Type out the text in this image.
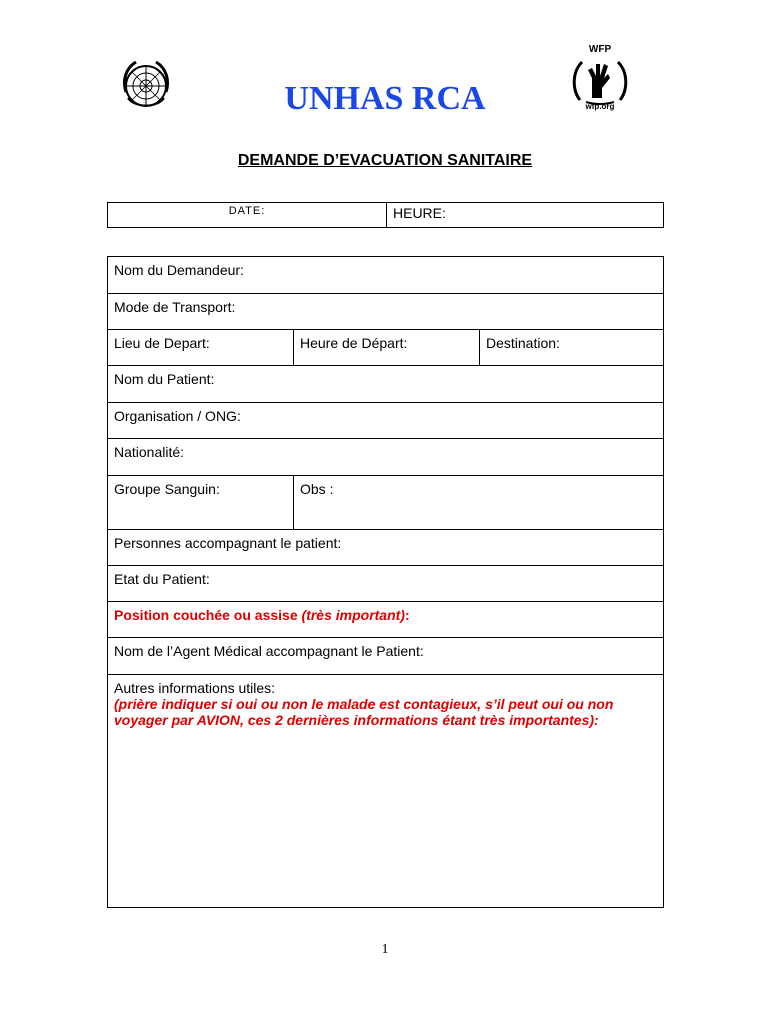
WFP
wfp.org
UNHAS RCA
DEMANDE D’EVACUATION SANITAIRE
DATE:	HEURE:
Nom du Demandeur:		
Mode de Transport:		
Lieu de Depart:	Heure de Départ:	Destination:
Nom du Patient:		
Organisation / ONG:		
Nationalité:		
Groupe Sanguin:	Obs :	
Personnes accompagnant le patient:		
Etat du Patient:		
Position couchée ou assise (très important):		
Nom de l’Agent Médical accompagnant le Patient:		

Autres informations utiles:
(prière indiquer si oui ou non le malade est contagieux, s’il peut oui ou non voyager par AVION, ces 2 dernières informations étant très importantes):		
1
